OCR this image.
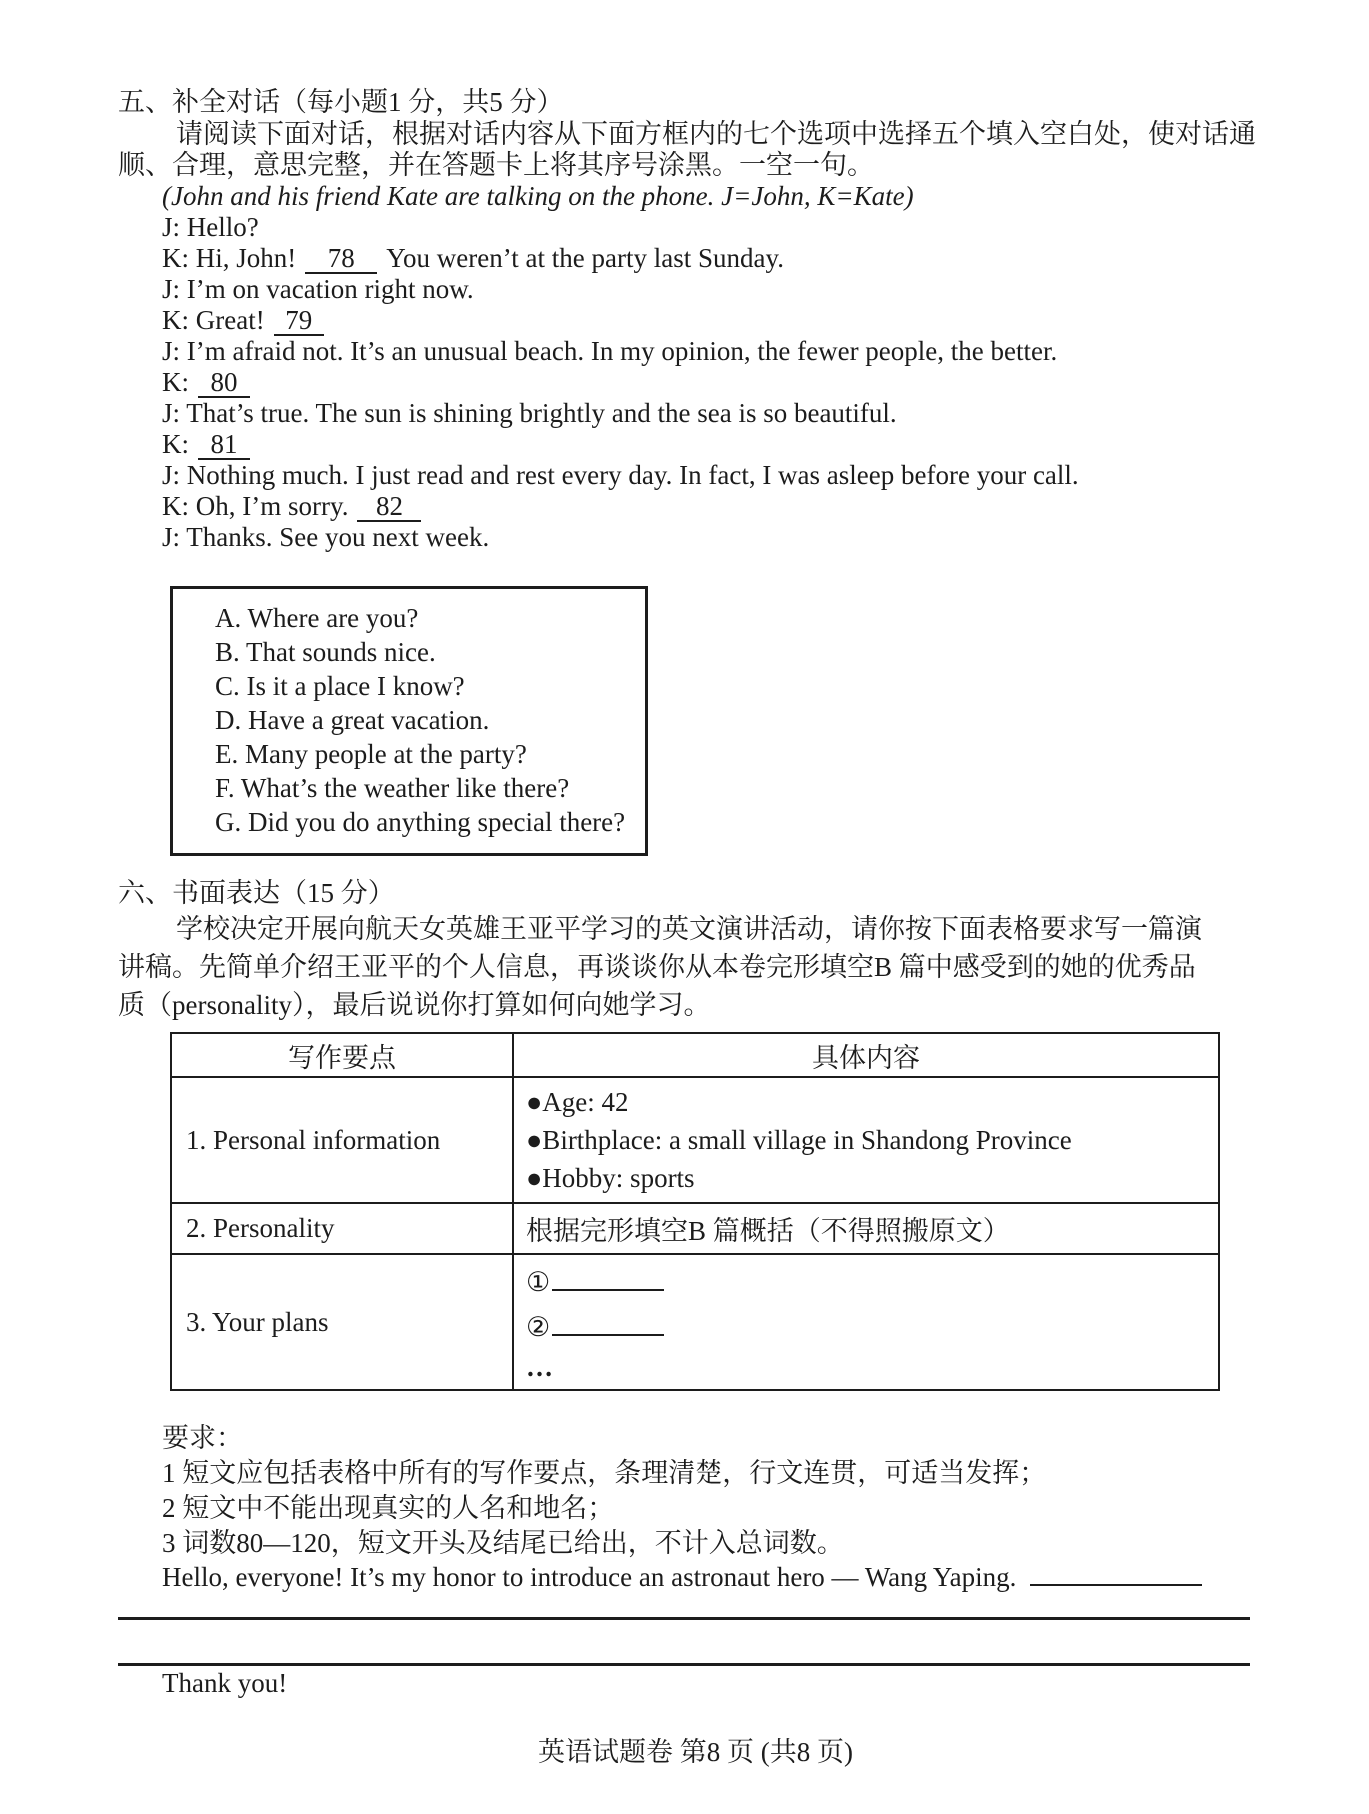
五、补全对话（每小题1 分，共5 分）
请阅读下面对话，根据对话内容从下面方框内的七个选项中选择五个填入空白处，使对话通
顺、合理，意思完整，并在答题卡上将其序号涂黑。一空一句。
(John and his friend Kate are talking on the phone. J=John, K=Kate)
J: Hello?
K: Hi, John! 78 You weren’t at the party last Sunday.
J: I’m on vacation right now.
K: Great! 79
J: I’m afraid not. It’s an unusual beach. In my opinion, the fewer people, the better.
K: 80
J: That’s true. The sun is shining brightly and the sea is so beautiful.
K: 81
J: Nothing much. I just read and rest every day. In fact, I was asleep before your call.
K: Oh, I’m sorry. 82
J: Thanks. See you next week.
A. Where are you?
B. That sounds nice.
C. Is it a place I know?
D. Have a great vacation.
E. Many people at the party?
F. What’s the weather like there?
G. Did you do anything special there?
六、书面表达（15 分）
学校决定开展向航天女英雄王亚平学习的英文演讲活动，请你按下面表格要求写一篇演
讲稿。先简单介绍王亚平的个人信息，再谈谈你从本卷完形填空B 篇中感受到的她的优秀品
质（personality），最后说说你打算如何向她学习。
写作要点	具体内容
1. Personal information	●Age: 42
●Birthplace: a small village in Shandong Province
●Hobby: sports

2. Personality	根据完形填空B 篇概括（不得照搬原文）
3. Your plans	①
②
…
要求：
1 短文应包括表格中所有的写作要点，条理清楚，行文连贯，可适当发挥；
2 短文中不能出现真实的人名和地名；
3 词数80—120，短文开头及结尾已给出，不计入总词数。
Hello, everyone! It’s my honor to introduce an astronaut hero — Wang Yaping.
Thank you!
英语试题卷 第8 页 (共8 页)
